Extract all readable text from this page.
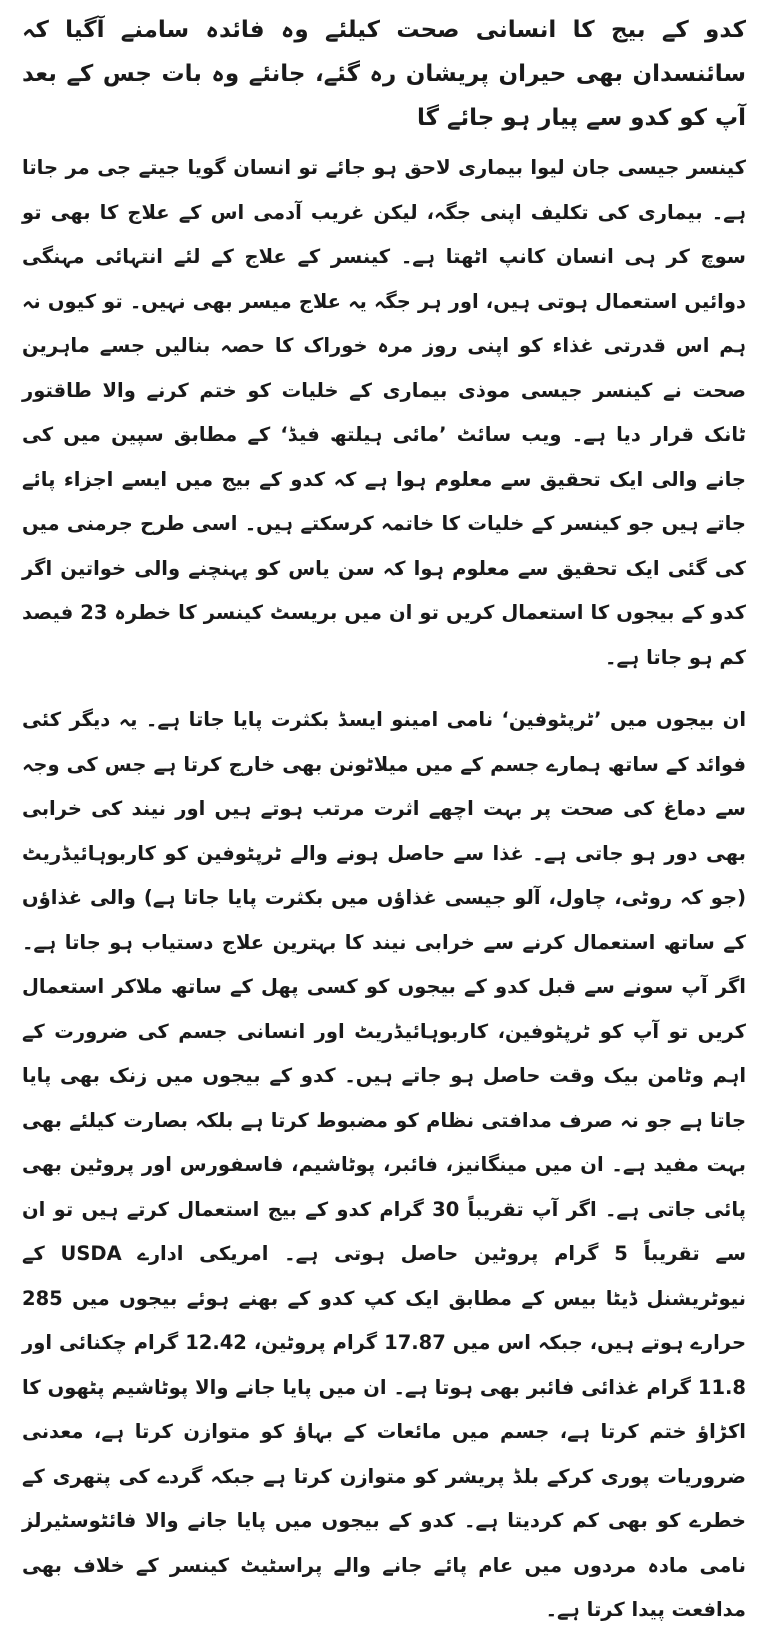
کدو کے بیج کا انسانی صحت کیلئے وہ فائدہ سامنے آگیا کہ سائنسدان بھی حیران پریشان رہ گئے، جانئے وہ بات جس کے بعد آپ کو کدو سے پیار ہو جائے گا

کینسر جیسی جان لیوا بیماری لاحق ہو جائے تو انسان گویا جیتے جی مر جاتا ہے۔ بیماری کی تکلیف اپنی جگہ، لیکن غریب آدمی اس کے علاج کا بھی تو سوچ کر ہی انسان کانپ اٹھتا ہے۔ کینسر کے علاج کے لئے انتہائی مہنگی دوائیں استعمال ہوتی ہیں، اور ہر جگہ یہ علاج میسر بھی نہیں۔ تو کیوں نہ ہم اس قدرتی غذاء کو اپنی روز مرہ خوراک کا حصہ بنالیں جسے ماہرین صحت نے کینسر جیسی موذی بیماری کے خلیات کو ختم کرنے والا طاقتور ٹانک قرار دیا ہے۔ ویب سائٹ ’مائی ہیلتھ فیڈ‘ کے مطابق سپین میں کی جانے والی ایک تحقیق سے معلوم ہوا ہے کہ کدو کے بیج میں ایسے اجزاء پائے جاتے ہیں جو کینسر کے خلیات کا خاتمہ کرسکتے ہیں۔ اسی طرح جرمنی میں کی گئی ایک تحقیق سے معلوم ہوا کہ سن یاس کو پہنچنے والی خواتین اگر کدو کے بیجوں کا استعمال کریں تو ان میں بریسٹ کینسر کا خطرہ 23 فیصد کم ہو جاتا ہے۔

ان بیجوں میں ’ٹرپٹوفین‘ نامی امینو ایسڈ بکثرت پایا جاتا ہے۔ یہ دیگر کئی فوائد کے ساتھ ہمارے جسم کے میں میلاٹونن بھی خارج کرتا ہے جس کی وجہ سے دماغ کی صحت پر بہت اچھے اثرت مرتب ہوتے ہیں اور نیند کی خرابی بھی دور ہو جاتی ہے۔ غذا سے حاصل ہونے والے ٹرپٹوفین کو کاربوہائیڈریٹ (جو کہ روٹی، چاول، آلو جیسی غذاؤں میں بکثرت پایا جاتا ہے) والی غذاؤں کے ساتھ استعمال کرنے سے خرابی نیند کا بہترین علاج دستیاب ہو جاتا ہے۔ اگر آپ سونے سے قبل کدو کے بیجوں کو کسی پھل کے ساتھ ملاکر استعمال کریں تو آپ کو ٹرپٹوفین، کاربوہائیڈریٹ اور انسانی جسم کی ضرورت کے اہم وٹامن بیک وقت حاصل ہو جاتے ہیں۔ کدو کے بیجوں میں زنک بھی پایا جاتا ہے جو نہ صرف مدافتی نظام کو مضبوط کرتا ہے بلکہ بصارت کیلئے بھی بہت مفید ہے۔ ان میں مینگانیز، فائبر، پوٹاشیم، فاسفورس اور پروٹین بھی پائی جاتی ہے۔ اگر آپ تقریباً 30 گرام کدو کے بیج استعمال کرتے ہیں تو ان سے تقریباً 5 گرام پروٹین حاصل ہوتی ہے۔ امریکی ادارے USDA کے نیوٹریشنل ڈیٹا بیس کے مطابق ایک کپ کدو کے بھنے ہوئے بیجوں میں 285 حرارے ہوتے ہیں، جبکہ اس میں 17.87 گرام پروٹین، 12.42 گرام چکنائی اور 11.8 گرام غذائی فائبر بھی ہوتا ہے۔ ان میں پایا جانے والا پوٹاشیم پٹھوں کا اکڑاؤ ختم کرتا ہے، جسم میں مائعات کے بہاؤ کو متوازن کرتا ہے، معدنی ضروریات پوری کرکے بلڈ پریشر کو متوازن کرتا ہے جبکہ گردے کی پتھری کے خطرے کو بھی کم کردیتا ہے۔ کدو کے بیجوں میں پایا جانے والا فائٹوسٹیرلز نامی مادہ مردوں میں عام پائے جانے والے پراسٹیٹ کینسر کے خلاف بھی مدافعت پیدا کرتا ہے۔
